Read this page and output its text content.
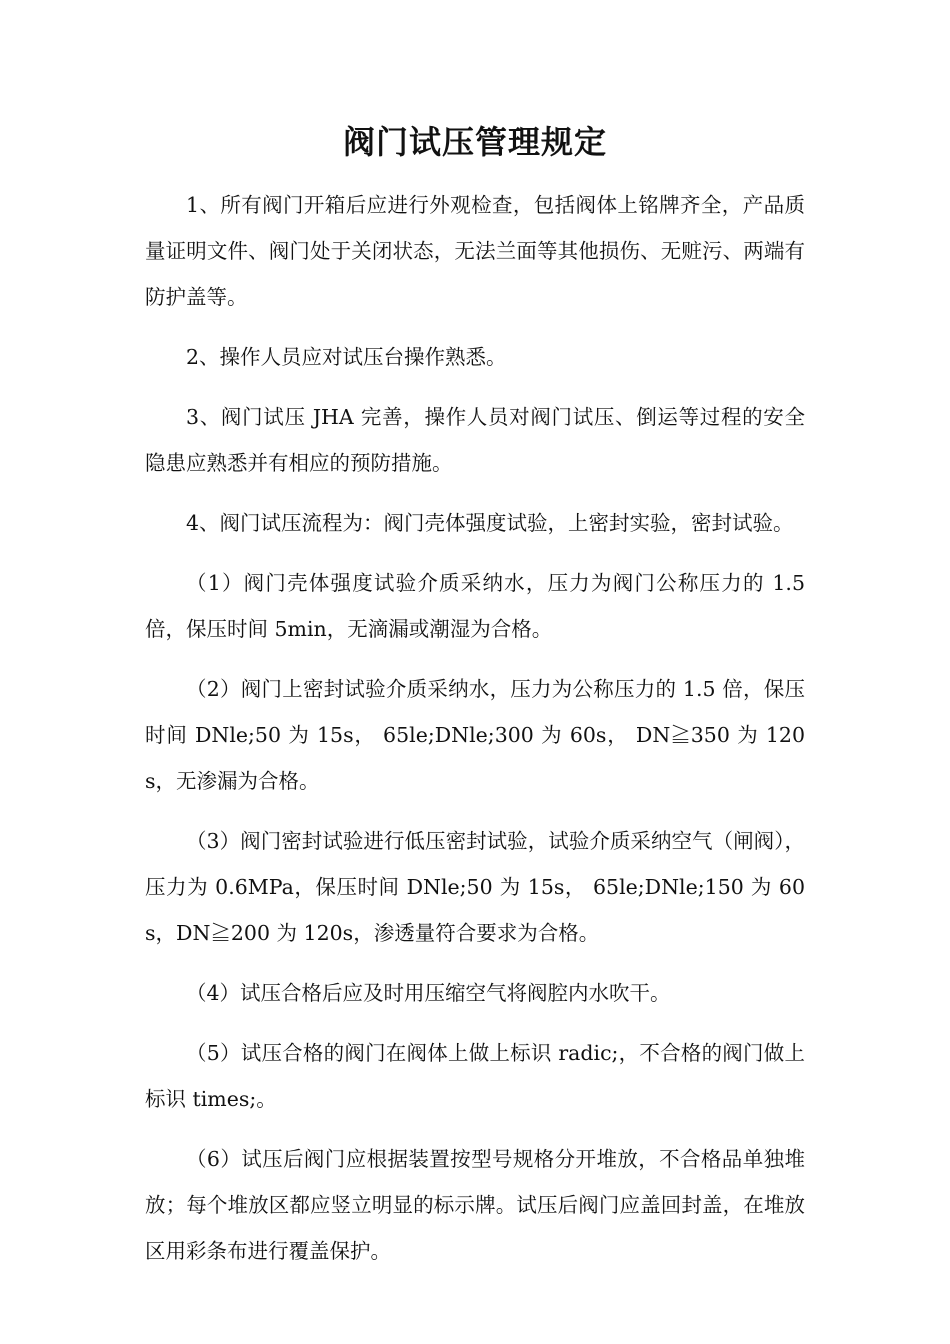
阀门试压管理规定

1、所有阀门开箱后应进行外观检查，包括阀体上铭牌齐全，产品质量证明文件、阀门处于关闭状态，无法兰面等其他损伤、无赃污、两端有防护盖等。

2、操作人员应对试压台操作熟悉。

3、阀门试压 JHA 完善，操作人员对阀门试压、倒运等过程的安全隐患应熟悉并有相应的预防措施。

4、阀门试压流程为：阀门壳体强度试验，上密封实验，密封试验。

（1）阀门壳体强度试验介质采纳水，压力为阀门公称压力的 1.5 倍，保压时间 5min，无滴漏或潮湿为合格。

（2）阀门上密封试验介质采纳水，压力为公称压力的 1.5 倍，保压时间 DNle;50 为 15s， 65le;DNle;300 为 60s， DN≧350 为 120s，无渗漏为合格。

（3）阀门密封试验进行低压密封试验，试验介质采纳空气（闸阀），压力为 0.6MPa，保压时间 DNle;50 为 15s， 65le;DNle;150 为 60s，DN≧200 为 120s，渗透量符合要求为合格。

（4）试压合格后应及时用压缩空气将阀腔内水吹干。

（5）试压合格的阀门在阀体上做上标识 radic;，不合格的阀门做上标识 times;。

（6）试压后阀门应根据装置按型号规格分开堆放，不合格品单独堆放；每个堆放区都应竖立明显的标示牌。试压后阀门应盖回封盖，在堆放区用彩条布进行覆盖保护。
